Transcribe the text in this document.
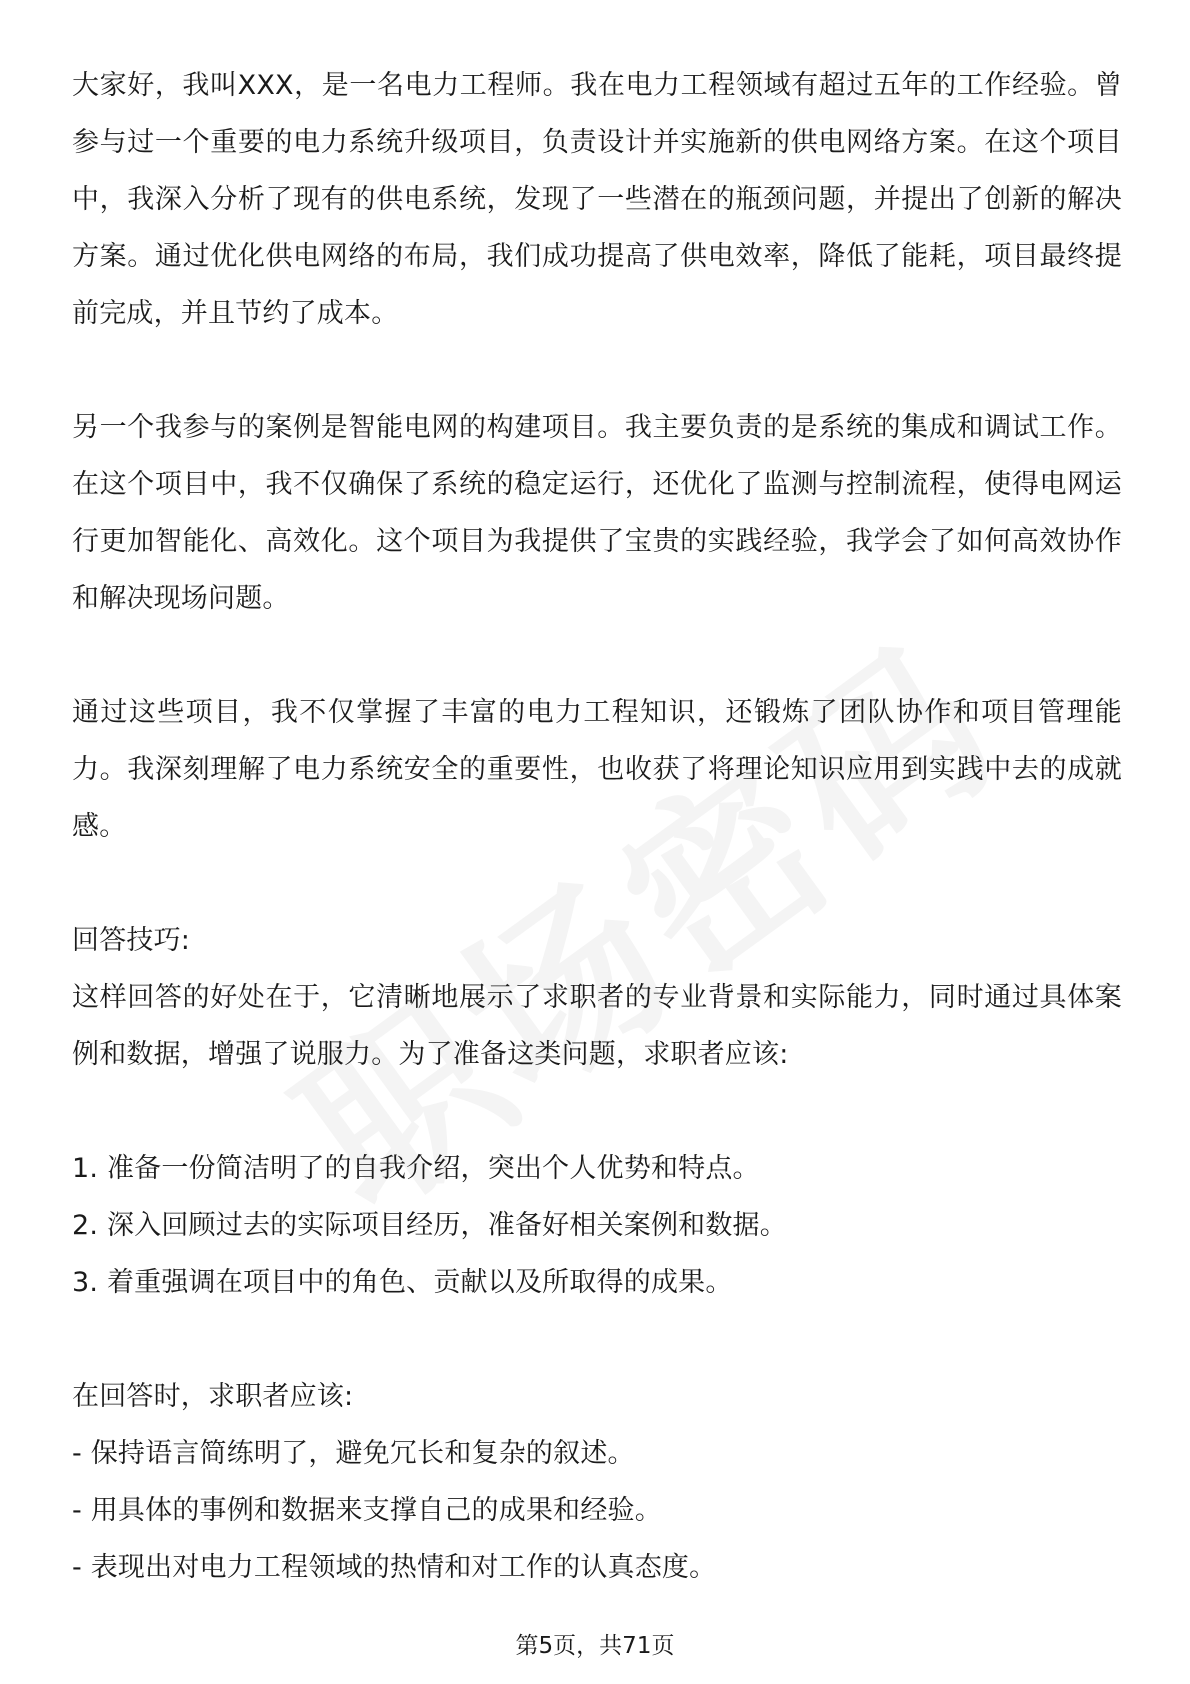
大家好，我叫XXX，是一名电力工程师。我在电力工程领域有超过五年的工作经验。曾参与过一个重要的电力系统升级项目，负责设计并实施新的供电网络方案。在这个项目中，我深入分析了现有的供电系统，发现了一些潜在的瓶颈问题，并提出了创新的解决方案。通过优化供电网络的布局，我们成功提高了供电效率，降低了能耗，项目最终提前完成，并且节约了成本。

另一个我参与的案例是智能电网的构建项目。我主要负责的是系统的集成和调试工作。在这个项目中，我不仅确保了系统的稳定运行，还优化了监测与控制流程，使得电网运行更加智能化、高效化。这个项目为我提供了宝贵的实践经验，我学会了如何高效协作和解决现场问题。

通过这些项目，我不仅掌握了丰富的电力工程知识，还锻炼了团队协作和项目管理能力。我深刻理解了电力系统安全的重要性，也收获了将理论知识应用到实践中去的成就感。

回答技巧:

这样回答的好处在于，它清晰地展示了求职者的专业背景和实际能力，同时通过具体案例和数据，增强了说服力。为了准备这类问题，求职者应该:

1. 准备一份简洁明了的自我介绍，突出个人优势和特点。

2. 深入回顾过去的实际项目经历，准备好相关案例和数据。

3. 着重强调在项目中的角色、贡献以及所取得的成果。

在回答时，求职者应该:

- 保持语言简练明了，避免冗长和复杂的叙述。

- 用具体的事例和数据来支撑自己的成果和经验。

- 表现出对电力工程领域的热情和对工作的认真态度。

第5页，共71页
